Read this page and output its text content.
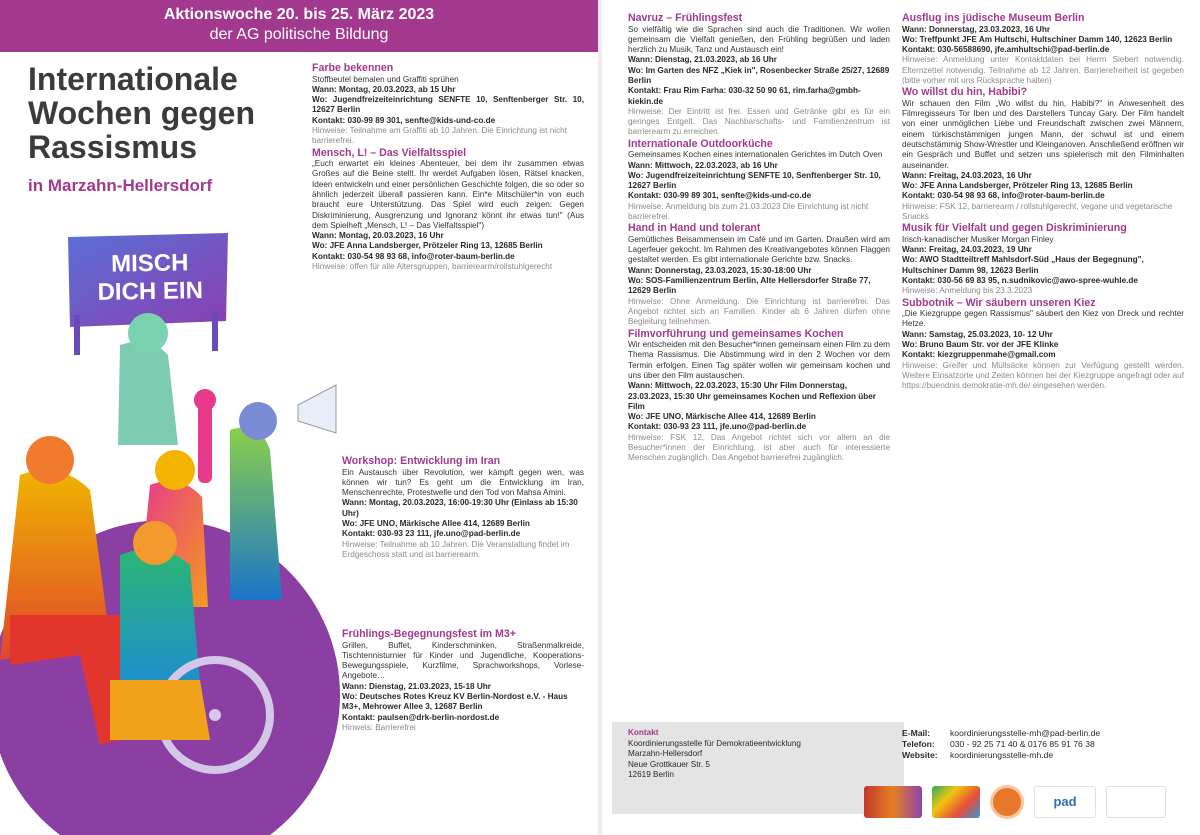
Aktionswoche 20. bis 25. März 2023
der AG politische Bildung
Internationale Wochen gegen Rassismus
in Marzahn-Hellersdorf
MISCH
DICH EIN
Farbe bekennen

Stoffbeutel bemalen und Graffiti sprühen

Wann: Montag, 20.03.2023, ab 15 Uhr

Wo: Jugendfreizeiteinrichtung SENFTE 10, Senftenberger Str. 10, 12627 Berlin

Kontakt: 030-99 89 301, senfte@kids-und-co.de

Hinweise: Teilnahme am Graffiti ab 10 Jahren. Die Einrichtung ist nicht barrierefrei.

Mensch, L! – Das Vielfaltsspiel

„Euch erwartet ein kleines Abenteuer, bei dem ihr zusammen etwas Großes auf die Beine stellt. Ihr werdet Aufgaben lösen, Rätsel knacken, Ideen entwickeln und einer persönlichen Geschichte folgen, die so oder so ähnlich jederzeit überall passieren kann. Ein*e Mitschüler*in von euch braucht eure Unterstützung. Das Spiel wird euch zeigen: Gegen Diskriminierung, Ausgrenzung und Ignoranz könnt ihr etwas tun!" (Aus dem Spielheft „Mensch, L! – Das Vielfaltsspiel")

Wann: Montag, 20.03.2023, 16 Uhr

Wo: JFE Anna Landsberger, Prötzeler Ring 13, 12685 Berlin

Kontakt: 030-54 98 93 68, info@roter-baum-berlin.de

Hinweise: offen für alle Altersgruppen, barrierearm/rollstuhlgerecht

Workshop: Entwicklung im Iran

Ein Austausch über Revolution, wer kämpft gegen wen, was können wir tun? Es geht um die Entwicklung im Iran, Menschenrechte, Protestwelle und den Tod von Mahsa Amini.

Wann: Montag, 20.03.2023, 16:00-19:30 Uhr (Einlass ab 15:30 Uhr)

Wo: JFE UNO, Märkische Allee 414, 12689 Berlin

Kontakt: 030-93 23 111, jfe.uno@pad-berlin.de

Hinweise: Teilnahme ab 10 Jahren. Die Veranstaltung findet im Erdgeschoss statt und ist barrierearm.

Frühlings-Begegnungsfest im M3+

Grillen, Buffet, Kinderschminken, Straßenmalkreide, Tischtennisturnier für Kinder und Jugendliche, Kooperations-Bewegungsspiele, Kurzfilme, Sprachworkshops, Vorlese-Angebote…

Wann: Dienstag, 21.03.2023, 15-18 Uhr

Wo: Deutsches Rotes Kreuz KV Berlin-Nordost e.V. - Haus M3+, Mehrower Allee 3, 12687 Berlin

Kontakt: paulsen@drk-berlin-nordost.de

Hinweis: Barrierefrei

Navruz – Frühlingsfest

So vielfältig wie die Sprachen sind auch die Traditionen. Wir wollen gemeinsam die Vielfalt genießen, den Frühling begrüßen und laden herzlich zu Musik, Tanz und Austausch ein!

Wann: Dienstag, 21.03.2023, ab 16 Uhr

Wo: Im Garten des NFZ „Kiek in", Rosenbecker Straße 25/27, 12689 Berlin

Kontakt: Frau Rim Farha: 030-32 50 90 61, rim.farha@gmbh-kiekin.de

Hinweise: Der Eintritt ist frei. Essen und Getränke gibt es für ein geringes Entgelt. Das Nachbarschafts- und Familienzentrum ist barrierearm zu erreichen.

Internationale Outdoorküche

Gemeinsames Kochen eines internationalen Gerichtes im Dutch Oven

Wann: Mittwoch, 22.03.2023, ab 16 Uhr

Wo: Jugendfreizeiteinrichtung SENFTE 10, Senftenberger Str. 10, 12627 Berlin

Kontakt: 030-99 89 301, senfte@kids-und-co.de

Hinweise: Anmeldung bis zum 21.03.2023 Die Einrichtung ist nicht barrierefrei.

Hand in Hand und tolerant

Gemütliches Beisammensein im Café und im Garten. Draußen wird am Lagerfeuer gekocht. Im Rahmen des Kreativangebotes können Flaggen gestaltet werden. Es gibt internationale Gerichte bzw. Snacks.

Wann: Donnerstag, 23.03.2023, 15:30-18:00 Uhr

Wo: SOS-Familienzentrum Berlin, Alte Hellersdorfer Straße 77, 12629 Berlin

Hinweise: Ohne Anmeldung. Die Einrichtung ist barrierefrei. Das Angebot richtet sich an Familien. Kinder ab 6 Jahren dürfen ohne Begleitung teilnehmen.

Filmvorführung und gemeinsames Kochen

Wir entscheiden mit den Besucher*innen gemeinsam einen Film zu dem Thema Rassismus. Die Abstimmung wird in den 2 Wochen vor dem Termin erfolgen. Einen Tag später wollen wir gemeinsam kochen und uns über den Film austauschen.

Wann: Mittwoch, 22.03.2023, 15:30 Uhr Film Donnerstag, 23.03.2023, 15:30 Uhr gemeinsames Kochen und Reflexion über Film

Wo: JFE UNO, Märkische Allee 414, 12689 Berlin

Kontakt: 030-93 23 111, jfe.uno@pad-berlin.de

Hinweise: FSK 12, Das Angebot richtet sich vor allem an die Besucher*innen der Einrichtung, ist aber auch für interessierte Menschen zugänglich. Das Angebot barrierefrei zugänglich.

Ausflug ins jüdische Museum Berlin

Wann: Donnerstag, 23.03.2023, 16 Uhr

Wo: Treffpunkt JFE Am Hultschi, Hultschiner Damm 140, 12623 Berlin

Kontakt: 030-56588690, jfe.amhultschi@pad-berlin.de

Hinweise: Anmeldung unter Kontaktdaten bei Herrn Siebert notwendig. Elternzettel notwendig. Teilnahme ab 12 Jahren. Barrierefreiheit ist gegeben (bitte vorher mit uns Rücksprache halten)

Wo willst du hin, Habibi?

Wir schauen den Film „Wo willst du hin, Habibi?" in Anwesenheit des Filmregisseurs Tor Iben und des Darstellers Tuncay Gary. Der Film handelt von einer unmöglichen Liebe und Freundschaft zwischen zwei Männern, einem türkischstämmigen jungen Mann, der schwul ist und einem deutschstämmig Show-Wrestler und Kleinganoven. Anschließend eröffnen wir ein Gespräch und Buffet und setzen uns spielerisch mit den Filminhalten auseinander.

Wann: Freitag, 24.03.2023, 16 Uhr

Wo: JFE Anna Landsberger, Prötzeler Ring 13, 12685 Berlin

Kontakt: 030-54 98 93 68, info@roter-baum-berlin.de

Hinweise: FSK 12, barrierearm / rollstuhlgerecht, vegane und vegetarische Snacks

Musik für Vielfalt und gegen Diskriminierung

Irisch-kanadischer Musiker Morgan Finley

Wann: Freitag, 24.03.2023, 19 Uhr

Wo: AWO Stadtteiltreff Mahlsdorf-Süd „Haus der Begegnung", Hultschiner Damm 98, 12623 Berlin

Kontakt: 030-56 69 83 95, n.sudnikovic@awo-spree-wuhle.de

Hinweise: Anmeldung bis 23.3.2023

Subbotnik – Wir säubern unseren Kiez

„Die Kiezgruppe gegen Rassismus" säubert den Kiez von Dreck und rechter Hetze.

Wann: Samstag, 25.03.2023, 10- 12 Uhr

Wo: Bruno Baum Str. vor der JFE Klinke

Kontakt: kiezgruppenmahe@gmail.com

Hinweise: Greifer und Müllsäcke können zur Verfügung gestellt werden. Weitere Einsatzorte und Zeiten können bei der Kiezgruppe angefragt oder auf https://buendnis.demokratie-mh.de/ eingesehen werden.

Kontakt
Koordinierungsstelle für Demokratieentwicklung
Marzahn-Hellersdorf
Neue Grottkauer Str. 5
12619 Berlin
E-Mail:	koordinierungsstelle-mh@pad-berlin.de
Telefon:	030 - 92 25 71 40 & 0176 85 91 76 38
Website:	koordinierungsstelle-mh.de
pad
